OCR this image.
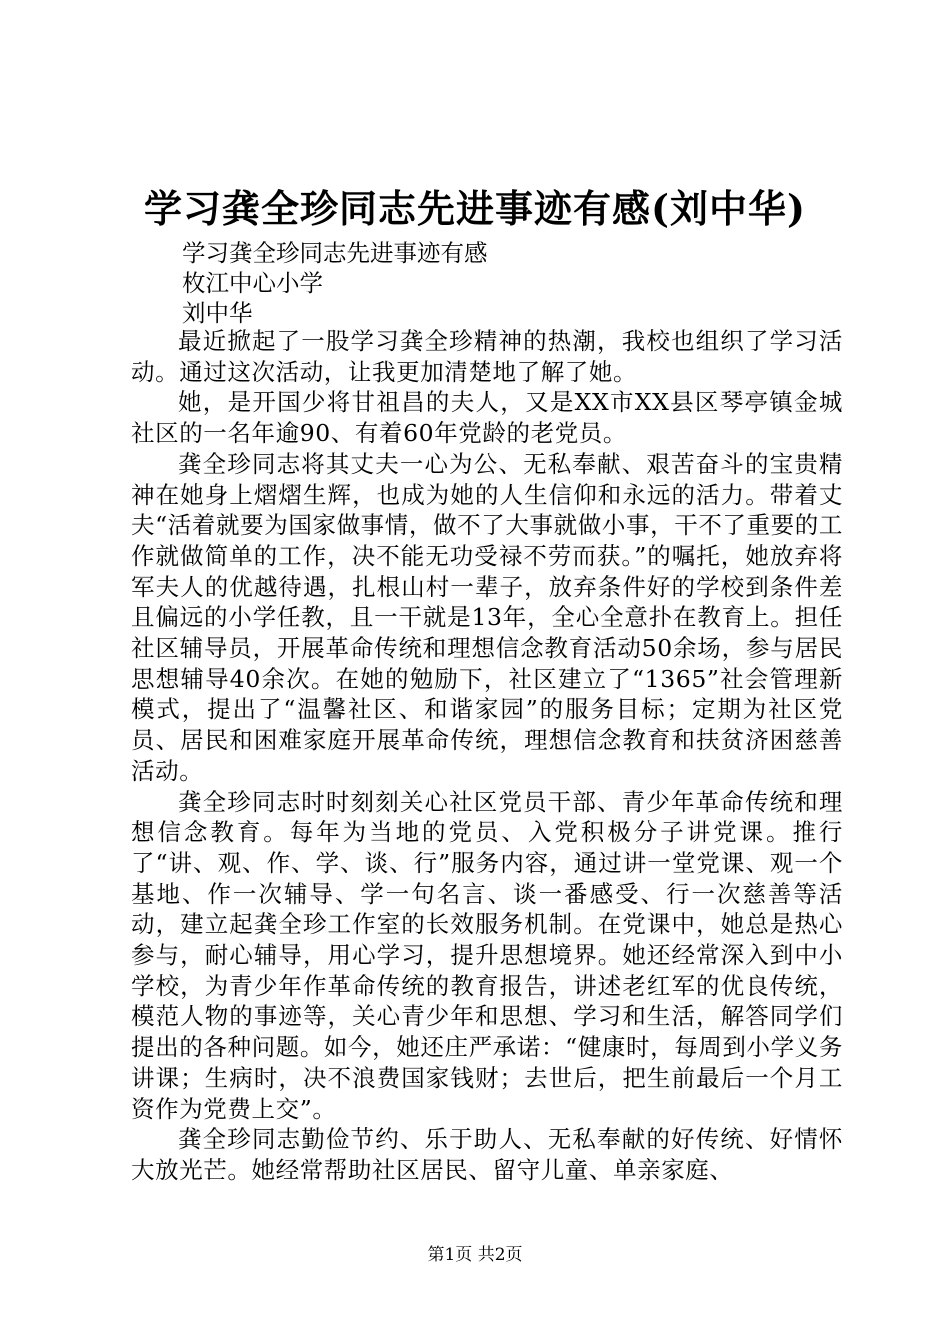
学习龚全珍同志先进事迹有感(刘中华)
学习龚全珍同志先进事迹有感
枚江中心小学
刘中华

最近掀起了一股学习龚全珍精神的热潮，我校也组织了学习活动。通过这次活动，让我更加清楚地了解了她。

她，是开国少将甘祖昌的夫人，又是XX市XX县区琴亭镇金城社区的一名年逾90、有着60年党龄的老党员。

龚全珍同志将其丈夫一心为公、无私奉献、艰苦奋斗的宝贵精神在她身上熠熠生辉，也成为她的人生信仰和永远的活力。带着丈夫“活着就要为国家做事情，做不了大事就做小事，干不了重要的工作就做简单的工作，决不能无功受禄不劳而获。”的嘱托，她放弃将军夫人的优越待遇，扎根山村一辈子，放弃条件好的学校到条件差且偏远的小学任教，且一干就是13年，全心全意扑在教育上。担任社区辅导员，开展革命传统和理想信念教育活动50余场，参与居民思想辅导40余次。在她的勉励下，社区建立了“1365”社会管理新模式，提出了“温馨社区、和谐家园”的服务目标；定期为社区党员、居民和困难家庭开展革命传统，理想信念教育和扶贫济困慈善活动。

龚全珍同志时时刻刻关心社区党员干部、青少年革命传统和理想信念教育。每年为当地的党员、入党积极分子讲党课。推行了“讲、观、作、学、谈、行”服务内容，通过讲一堂党课、观一个基地、作一次辅导、学一句名言、谈一番感受、行一次慈善等活动，建立起龚全珍工作室的长效服务机制。在党课中，她总是热心参与，耐心辅导，用心学习，提升思想境界。她还经常深入到中小学校，为青少年作革命传统的教育报告，讲述老红军的优良传统，模范人物的事迹等，关心青少年和思想、学习和生活，解答同学们提出的各种问题。如今，她还庄严承诺：“健康时，每周到小学义务讲课；生病时，决不浪费国家钱财；去世后，把生前最后一个月工资作为党费上交”。

龚全珍同志勤俭节约、乐于助人、无私奉献的好传统、好情怀大放光芒。她经常帮助社区居民、留守儿童、单亲家庭、

第1页 共2页
